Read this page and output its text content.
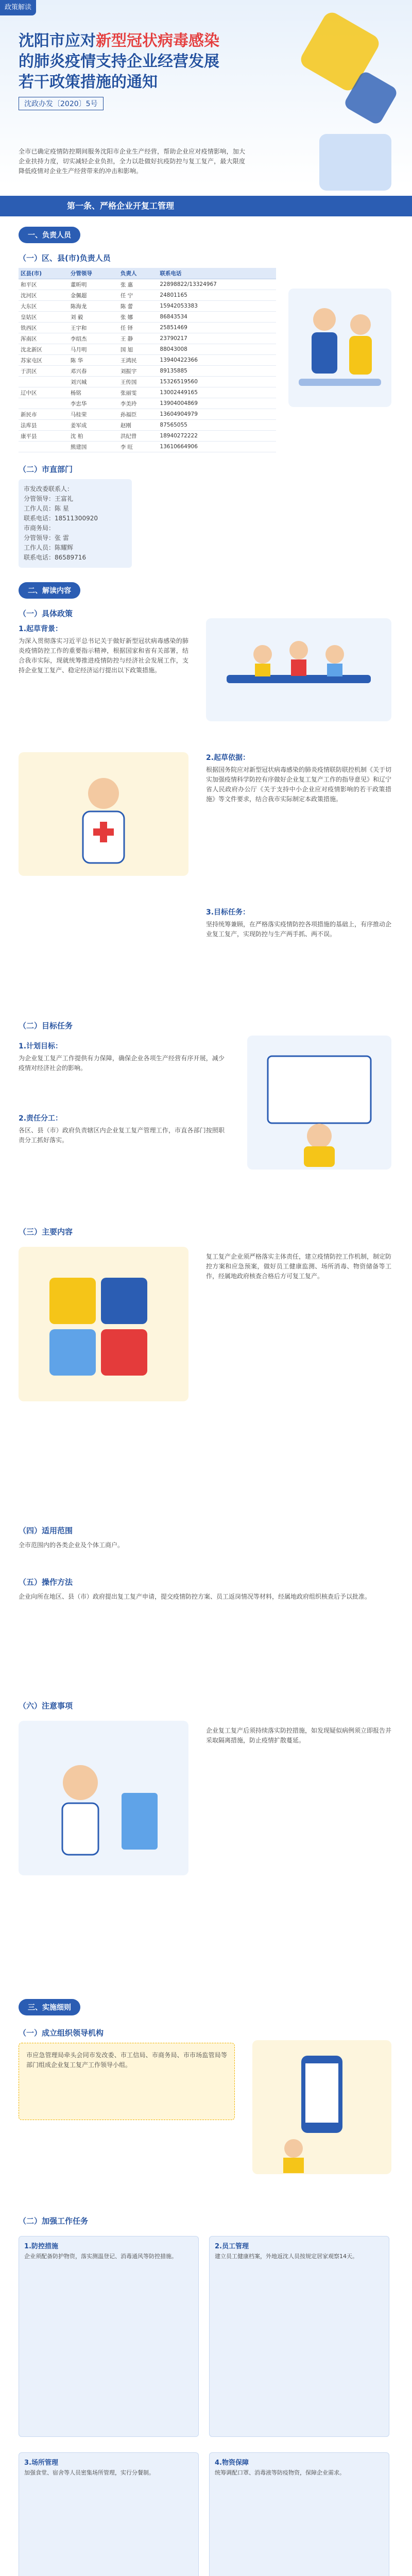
政策解读
沈阳市应对新型冠状病毒感染
的肺炎疫情支持企业经营发展
若干政策措施的通知
沈政办发〔2020〕5号
全市已确定疫情防控期间服务沈阳市企业生产经营，帮助企业应对疫情影响，加大企业扶持力度，切实减轻企业负担，全力以赴做好抗疫防控与复工复产，最大限度降低疫情对企业生产经营带来的冲击和影响。
第一条、严格企业开复工管理
一、负责人员
（一）区、县(市)负责人员
区县(市)	分管领导	负责人	联系电话
和平区	董昕明	张 惠	22898822/13324967
沈河区	金佩超	任 宁	24801165
大东区	陈海龙	陈 蕾	15942053383
皇姑区	刘 毅	张 娜	86843534
铁西区	王宇和	任 铎	25851469
浑南区	李绍杰	王 静	23790217
沈北新区	马月明	国 旭	88043008
苏家屯区	陈 华	王鸿民	13940422366
于洪区	邓兴春	刘振宇	89135885
	刘兴城	王传国	15326519560
辽中区	杨铭	张丽雯	13002449165
	李忠华	李美玲	13904004869
新民市	马桂荣	孙福臣	13604904979
法库县	姜军成	赵刚	87565055
康平县	沈 柏	洪纪曾	18940272222
	熊建国	李 旺	13610664906
（二）市直部门
市发改委联系人：
分管领导：王富礼
工作人员：陈 星
联系电话：18511300920
市商务局：
分管领导：张 雷
工作人员：陈耀辉
联系电话：86589716
二、解读内容
（一）具体政策
1.起草背景：
为深入贯彻落实习近平总书记关于做好新型冠状病毒感染的肺炎疫情防控工作的重要指示精神，根据国家和省有关部署，结合我市实际，现就统筹推进疫情防控与经济社会发展工作，支持企业复工复产、稳定经济运行提出以下政策措施。
2.起草依据：
根据国务院应对新型冠状病毒感染的肺炎疫情联防联控机制《关于切实加强疫情科学防控有序做好企业复工复产工作的指导意见》和辽宁省人民政府办公厅《关于支持中小企业应对疫情影响的若干政策措施》等文件要求，结合我市实际制定本政策措施。
3.目标任务：
坚持统筹兼顾，在严格落实疫情防控各项措施的基础上，有序推动企业复工复产，实现防控与生产两手抓、两不误。
（二）目标任务
1.计划目标：
为企业复工复产工作提供有力保障，确保企业各项生产经营有序开展，减少疫情对经济社会的影响。
2.责任分工：
各区、县（市）政府负责辖区内企业复工复产管理工作，市直各部门按照职责分工抓好落实。
（三）主要内容
复工复产企业须严格落实主体责任，建立疫情防控工作机制，制定防控方案和应急预案，做好员工健康监测、场所消毒、物资储备等工作，经属地政府核查合格后方可复工复产。
（四）适用范围
全市范围内的各类企业及个体工商户。
（五）操作方法
企业向所在地区、县（市）政府提出复工复产申请，提交疫情防控方案、员工返岗情况等材料，经属地政府组织核查后予以批准。
（六）注意事项
企业复工复产后须持续落实防控措施，如发现疑似病例须立即报告并采取隔离措施，防止疫情扩散蔓延。
三、实施细则
（一）成立组织领导机构
市应急管理局牵头会同市发改委、市工信局、市商务局、市市场监管局等部门组成企业复工复产工作领导小组。
（二）加强工作任务
1.防控措施
企业须配备防护物资，落实测温登记、消毒通风等防控措施。
2.员工管理
建立员工健康档案，外地返沈人员按规定居家观察14天。
3.场所管理
加强食堂、宿舍等人员密集场所管理，实行分餐制。
4.物资保障
统筹调配口罩、消毒液等防疫物资，保障企业需求。
